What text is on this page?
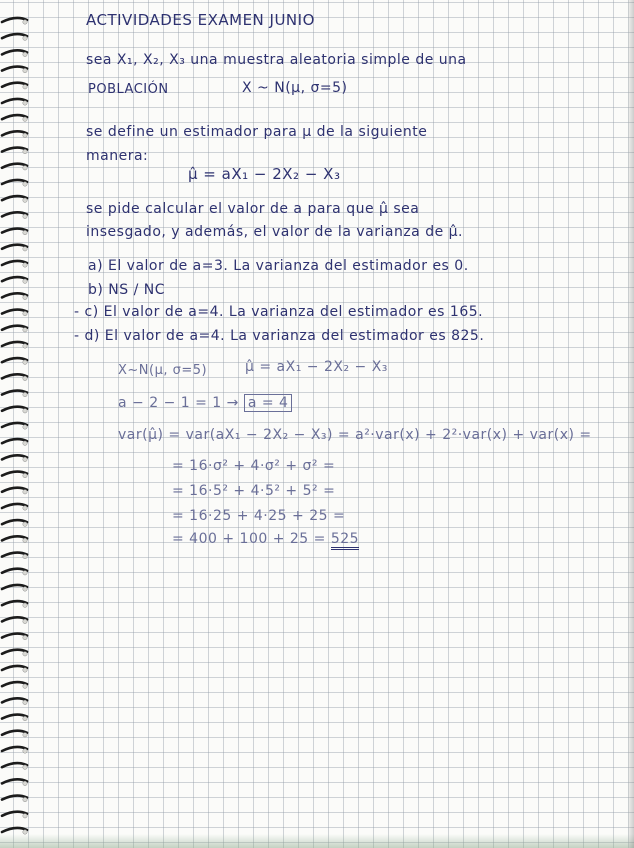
ACTIVIDADES EXAMEN JUNIO
sea X₁, X₂, X₃ una muestra aleatoria simple de una
POBLACIÓN	X ~ N(μ, σ=5)
se define un estimador para μ de la siguiente
manera:
μ̂ = aX₁ − 2X₂ − X₃
se pide calcular el valor de a para que μ̂ sea
insesgado, y además, el valor de la varianza de μ̂.
a) El valor de a=3. La varianza del estimador es 0.
b) NS / NC
- c) El valor de a=4. La varianza del estimador es 165.
- d) El valor de a=4. La varianza del estimador es 825.
X~N(μ, σ=5)	μ̂ = aX₁ − 2X₂ − X₃
a − 2 − 1 = 1 → a = 4
var(μ̂) = var(aX₁ − 2X₂ − X₃) = a²·var(x) + 2²·var(x) + var(x) =
= 16·σ² + 4·σ² + σ² =
= 16·5² + 4·5² + 5² =
= 16·25 + 4·25 + 25 =
= 400 + 100 + 25 = 525
